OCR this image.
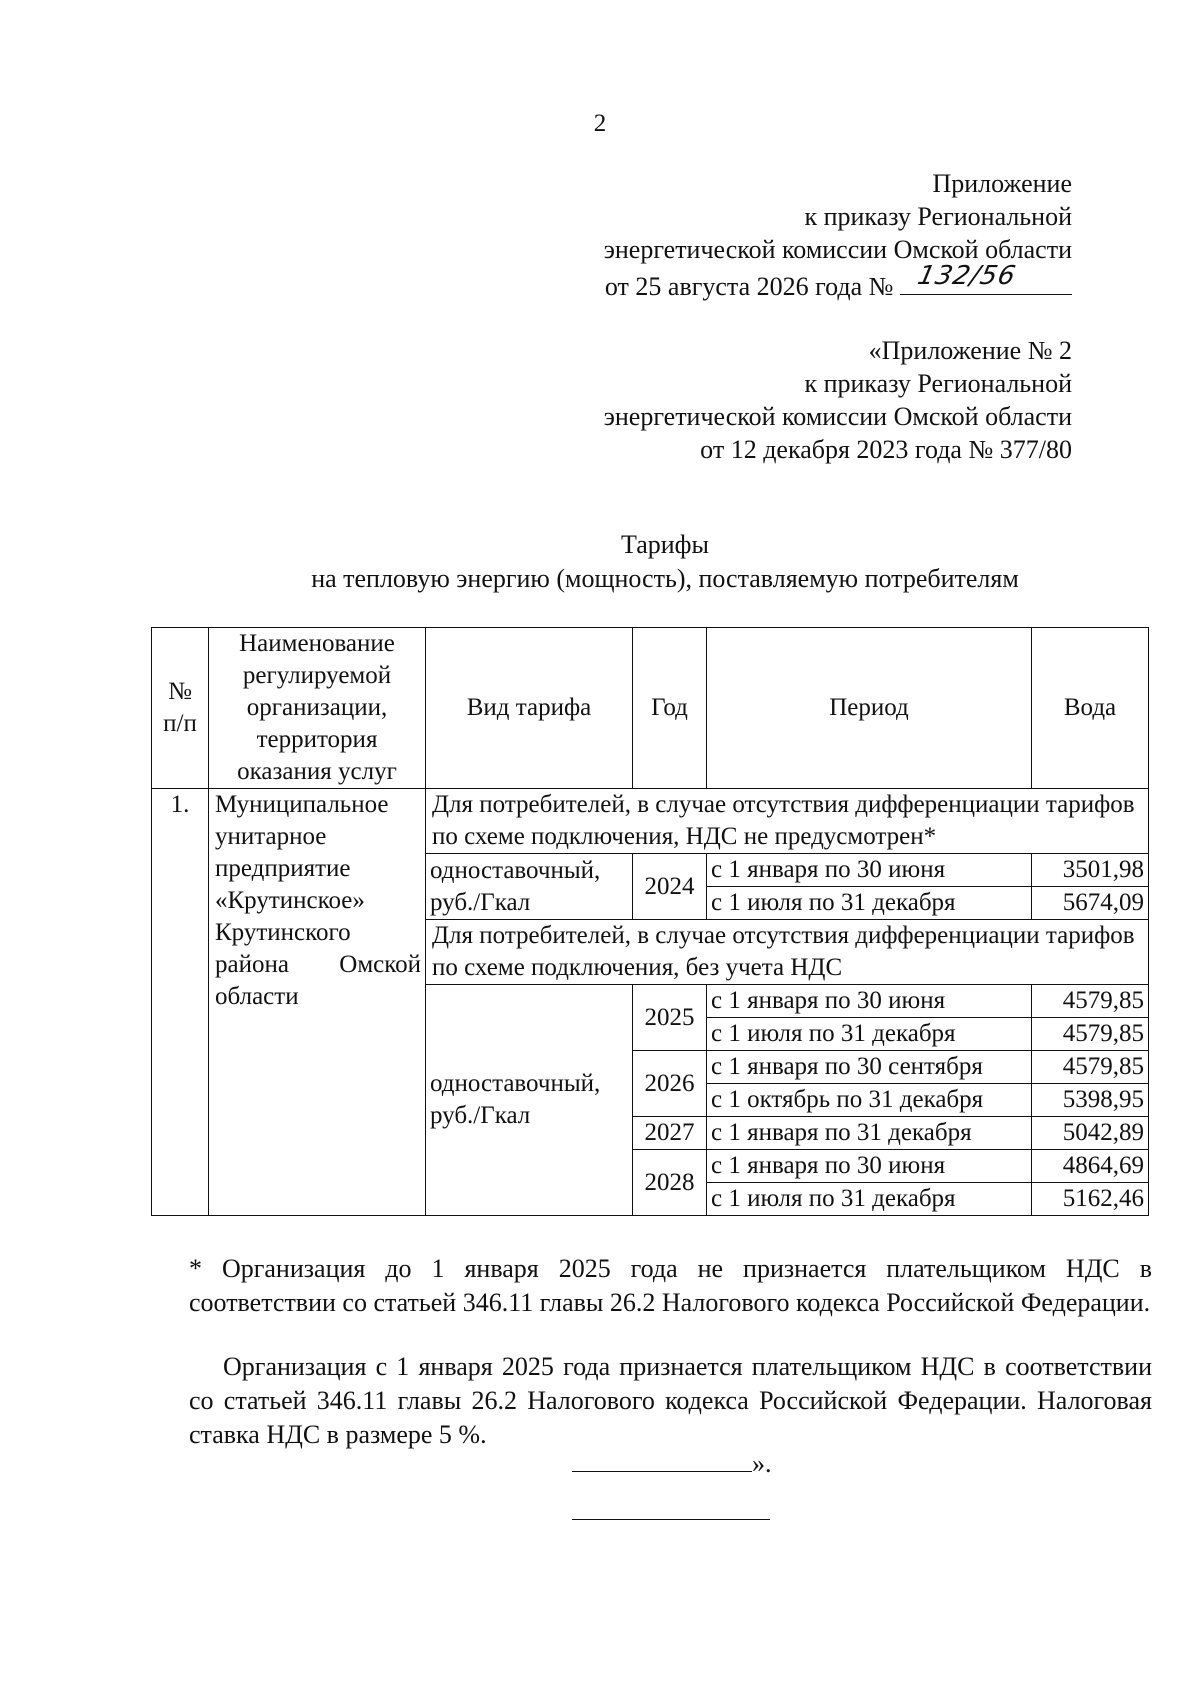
2
Приложение
к приказу Региональной
энергетической комиссии Омской области
от 25 августа 2026 года № 132/56
«Приложение № 2
к приказу Региональной
энергетической комиссии Омской области
от 12 декабря 2023 года № 377/80
Тарифы
на тепловую энергию (мощность), поставляемую потребителям
№ п/п	Наименование регулируемой организации, территория оказания услуг	Вид тарифа	Год	Период	Вода
1.	Муниципальное унитарное предприятие «Крутинское» Крутинского района Омской области	Для потребителей, в случае отсутствия дифференциации тарифов по схеме подключения, НДС не предусмотрен*			
		одноставочный, руб./Гкал	2024	с 1 января по 30 июня	3501,98
				с 1 июля по 31 декабря	5674,09
		Для потребителей, в случае отсутствия дифференциации тарифов по схеме подключения, без учета НДС			
		одноставочный, руб./Гкал	2025	с 1 января по 30 июня	4579,85
				с 1 июля по 31 декабря	4579,85
			2026	с 1 января по 30 сентября	4579,85
				с 1 октябрь по 31 декабря	5398,95
			2027	с 1 января по 31 декабря	5042,89
			2028	с 1 января по 30 июня	4864,69
				с 1 июля по 31 декабря	5162,46
* Организация до 1 января 2025 года не признается плательщиком НДС в соответствии со статьей 346.11 главы 26.2 Налогового кодекса Российской Федерации.
Организация с 1 января 2025 года признается плательщиком НДС в соответствии со статьей 346.11 главы 26.2 Налогового кодекса Российской Федерации. Налоговая ставка НДС в размере 5 %.
».
